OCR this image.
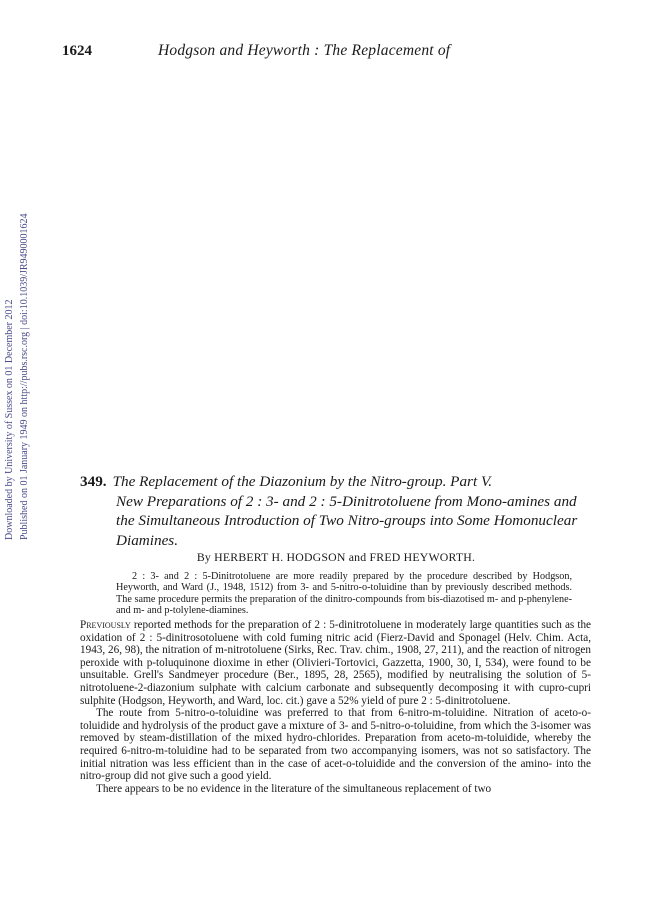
1624	Hodgson and Heyworth : The Replacement of
Downloaded by University of Sussex on 01 December 2012 Published on 01 January 1949 on http://pubs.rsc.org | doi:10.1039/JR9490001624	349. The Replacement of the Diazonium by the Nitro-group. Part V.
New Preparations of 2 : 3- and 2 : 5-Dinitrotoluene from Mono-amines and the Simultaneous Introduction of Two Nitro-groups into Some Homonuclear Diamines.
By HERBERT H. HODGSON and FRED HEYWORTH.
2 : 3- and 2 : 5-Dinitrotoluene are more readily prepared by the procedure described by Hodgson, Heyworth, and Ward (J., 1948, 1512) from 3- and 5-nitro-o-toluidine than by previously described methods. The same procedure permits the preparation of the dinitro-compounds from bis-diazotised m- and p-phenylene- and m- and p-tolylene-diamines.

Previously reported methods for the preparation of 2 : 5-dinitrotoluene in moderately large quantities such as the oxidation of 2 : 5-dinitrosotoluene with cold fuming nitric acid (Fierz-David and Sponagel (Helv. Chim. Acta, 1943, 26, 98), the nitration of m-nitrotoluene (Sirks, Rec. Trav. chim., 1908, 27, 211), and the reaction of nitrogen peroxide with p-toluquinone dioxime in ether (Olivieri-Tortovici, Gazzetta, 1900, 30, I, 534), were found to be unsuitable. Grell's Sandmeyer procedure (Ber., 1895, 28, 2565), modified by neutralising the solution of 5-nitrotoluene-2-diazonium sulphate with calcium carbonate and subsequently decomposing it with cupro-cupri sulphite (Hodgson, Heyworth, and Ward, loc. cit.) gave a 52% yield of pure 2 : 5-dinitrotoluene.

The route from 5-nitro-o-toluidine was preferred to that from 6-nitro-m-toluidine. Nitration of aceto-o-toluidide and hydrolysis of the product gave a mixture of 3- and 5-nitro-o-toluidine, from which the 3-isomer was removed by steam-distillation of the mixed hydro-chlorides. Preparation from aceto-m-toluidide, whereby the required 6-nitro-m-toluidine had to be separated from two accompanying isomers, was not so satisfactory. The initial nitration was less efficient than in the case of acet-o-toluidide and the conversion of the amino- into the nitro-group did not give such a good yield.

There appears to be no evidence in the literature of the simultaneous replacement of two
